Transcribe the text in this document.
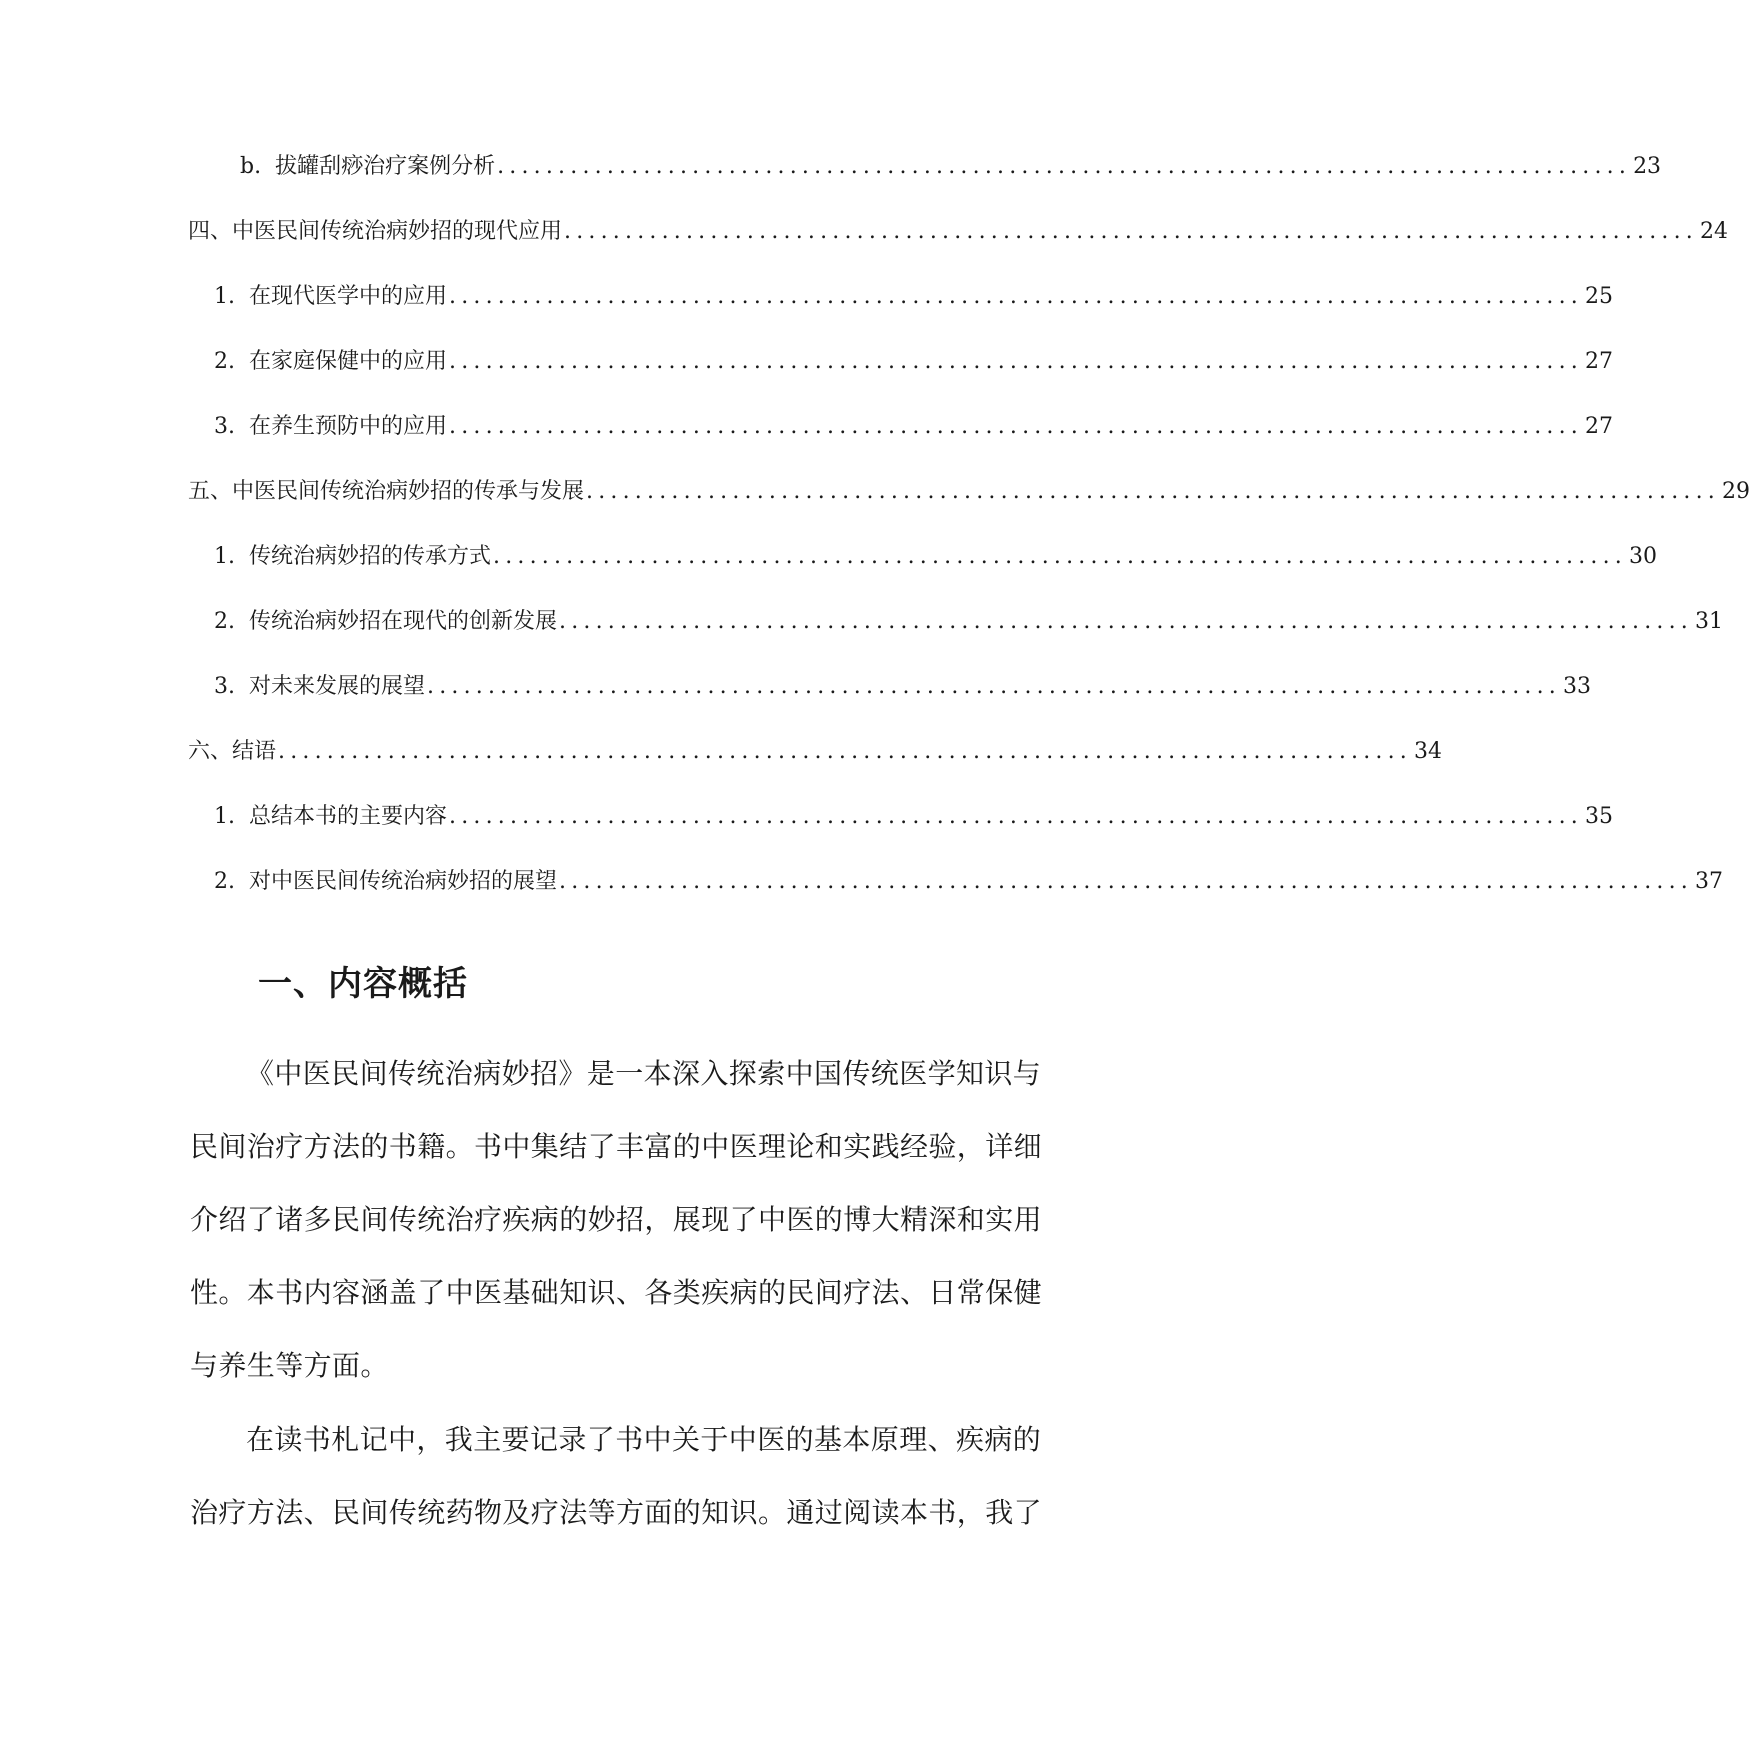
b. 拔罐刮痧治疗案例分析 ............................................................................................. 23
四、 中医民间传统治病妙招的现代应用 ............................................................................................. 24
1. 在现代医学中的应用 ............................................................................................. 25
2. 在家庭保健中的应用 ............................................................................................. 27
3. 在养生预防中的应用 ............................................................................................. 27
五、 中医民间传统治病妙招的传承与发展 ............................................................................................. 29
1. 传统治病妙招的传承方式 ............................................................................................. 30
2. 传统治病妙招在现代的创新发展 ............................................................................................. 31
3. 对未来发展的展望 ............................................................................................. 33
六、 结语 ............................................................................................. 34
1. 总结本书的主要内容 ............................................................................................. 35
2. 对中医民间传统治病妙招的展望 ............................................................................................. 37
一、内容概括

《中医民间传统治病妙招》是一本深入探索中国传统医学知识与民间治疗方法的书籍。书中集结了丰富的中医理论和实践经验，详细介绍了诸多民间传统治疗疾病的妙招，展现了中医的博大精深和实用性。本书内容涵盖了中医基础知识、各类疾病的民间疗法、日常保健与养生等方面。

在读书札记中，我主要记录了书中关于中医的基本原理、疾病的治疗方法、民间传统药物及疗法等方面的知识。通过阅读本书，我了
